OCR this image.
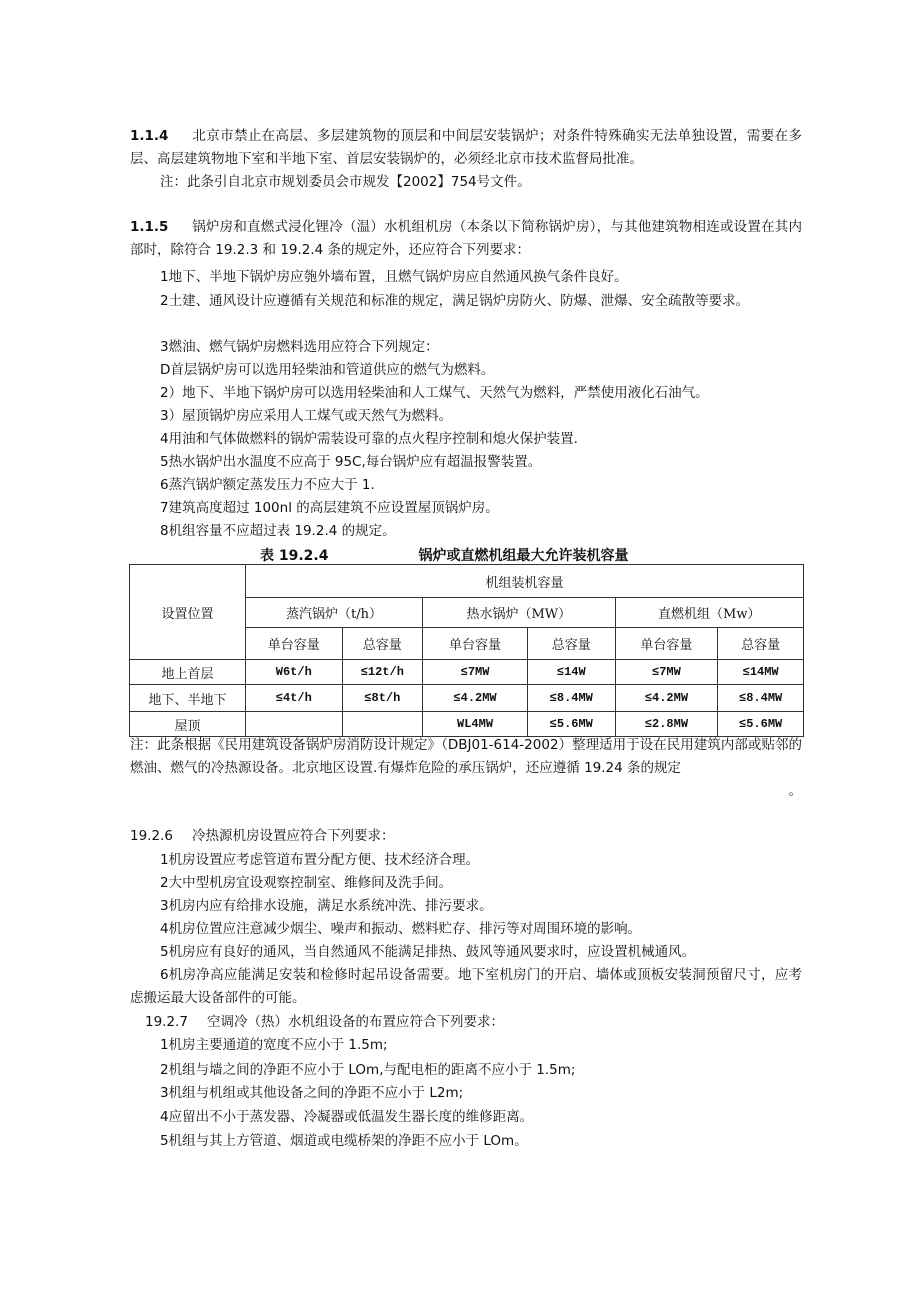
1.1.4 北京市禁止在高层、多层建筑物的顶层和中间层安装锅炉；对条件特殊确实无法单独设置，需要在多层、高层建筑物地下室和半地下室、首层安装锅炉的，必须经北京市技术监督局批准。
注：此条引自北京市规划委员会市规发【2002】754号文件。
1.1.5 锅炉房和直燃式浸化锂冷（温）水机组机房（本条以下简称锅炉房），与其他建筑物相连或设置在其内部时，除符合 19.2.3 和 19.2.4 条的规定外，还应符合下列要求：
表 19.2.4	锅炉或直燃机组最大允许装机容量
设置位置	机组装机容量					
	蒸汽锅炉（t/h）		热水锅炉（MW）		直燃机组（Mw）	
	单台容量	总容量	单台容量	总容量	单台容量	总容量
地上首层	W6t/h	≤12t/h	≤7MW	≤14W	≤7MW	≤14MW
地下、半地下	≤4t/h	≤8t/h	≤4.2MW	≤8.4MW	≤4.2MW	≤8.4MW
屋顶			WL4MW	≤5.6MW	≤2.8MW	≤5.6MW
注：此条根据《民用建筑设备锅炉房消防设计规定》（DBJ01-614-2002）整理适用于设在民用建筑内部或贴邻的燃油、燃气的冷热源设备。北京地区设置.有爆炸危险的承压锅炉，还应遵循 19.24 条的规定
。
19.2.6 冷热源机房设置应符合下列要求：
19.2.7 空调冷（热）水机组设备的布置应符合下列要求：
1地下、半地下锅炉房应匏外墙布置，且燃气锅炉房应自然通风换气条件良好。
2土建、通风设计应遵循有关规范和标准的规定，满足锅炉房防火、防爆、泄爆、安全疏散等要求。
3燃油、燃气锅炉房燃料选用应符合下列规定：
D首层锅炉房可以选用轻柴油和管道供应的燃气为燃料。
2）地下、半地下锅炉房可以选用轻柴油和人工煤气、天然气为燃料，严禁使用液化石油气。
3）屋顶锅炉房应采用人工煤气或天然气为燃料。
4用油和气体做燃料的锅炉需装设可靠的点火程序控制和熄火保护装置.
5热水锅炉出水温度不应高于 95C,每台锅炉应有超温报警装置。
6蒸汽锅炉额定蒸发压力不应大于 1.
7建筑高度超过 100nl 的高层建筑不应设置屋顶锅炉房。
8机组容量不应超过表 19.2.4 的规定。
1机房设置应考虑管道布置分配方便、技术经济合理。
2大中型机房宜设观察控制室、维修间及洗手间。
3机房内应有给排水设施，满足水系统冲洗、排污要求。
4机房位置应注意减少烟尘、噪声和振动、燃料贮存、排污等对周围环境的影响。
5机房应有良好的通风，当自然通风不能满足排热、鼓风等通风要求时，应设置机械通风。
6机房净高应能满足安装和检修时起吊设备需要。地下室机房门的开启、墙体或顶板安装洞预留尺寸，应考虑搬运最大设备部件的可能。
1机房主要通道的宽度不应小于 1.5m;
2机组与墙之间的净距不应小于 LOm,与配电柜的距离不应小于 1.5m;
3机组与机组或其他设备之间的净距不应小于 L2m;
4应留出不小于蒸发器、冷凝器或低温发生器长度的维修距离。
5机组与其上方管道、烟道或电缆桥架的净距不应小于 LOm。
